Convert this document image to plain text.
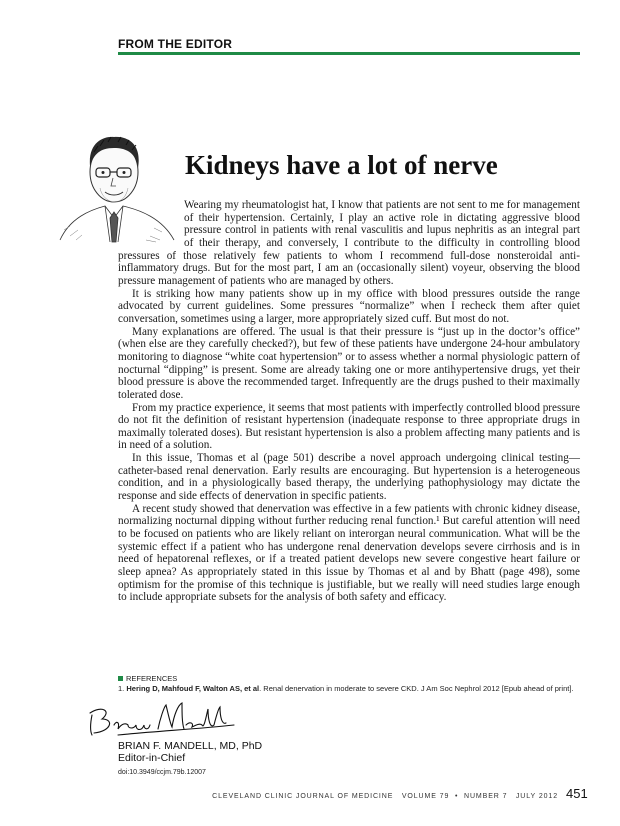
FROM THE EDITOR
Kidneys have a lot of nerve

Wearing my rheumatologist hat, I know that patients are not sent to me for management of their hypertension. Certainly, I play an active role in dictating aggressive blood pressure control in patients with renal vasculitis and lupus nephritis as an integral part of their therapy, and conversely, I contribute to the difficulty in controlling blood pressures of those relatively few patients to whom I recommend full-dose nonsteroidal anti-inflammatory drugs. But for the most part, I am an (occasionally silent) voyeur, observing the blood pressure management of patients who are managed by others.

It is striking how many patients show up in my office with blood pressures outside the range advocated by current guidelines. Some pressures “normalize” when I recheck them after quiet conversation, sometimes using a larger, more appropriately sized cuff. But most do not.

Many explanations are offered. The usual is that their pressure is “just up in the doctor’s office” (when else are they carefully checked?), but few of these patients have undergone 24-hour ambulatory monitoring to diagnose “white coat hypertension” or to assess whether a normal physiologic pattern of nocturnal “dipping” is present. Some are already taking one or more antihypertensive drugs, yet their blood pressure is above the recommended target. Infrequently are the drugs pushed to their maximally tolerated dose.

From my practice experience, it seems that most patients with imperfectly controlled blood pressure do not fit the definition of resistant hypertension (inadequate response to three appropriate drugs in maximally tolerated doses). But resistant hypertension is also a problem affecting many patients and is in need of a solution.

In this issue, Thomas et al (page 501) describe a novel approach undergoing clinical testing—catheter-based renal denervation. Early results are encouraging. But hypertension is a heterogeneous condition, and in a physiologically based therapy, the underlying pathophysiology may dictate the response and side effects of denervation in specific patients.

A recent study showed that denervation was effective in a few patients with chronic kidney disease, normalizing nocturnal dipping without further reducing renal function.¹ But careful attention will need to be focused on patients who are likely reliant on interorgan neural communication. What will be the systemic effect if a patient who has undergone renal denervation develops severe cirrhosis and is in need of hepatorenal reflexes, or if a treated patient develops new severe congestive heart failure or sleep apnea? As appropriately stated in this issue by Thomas et al and by Bhatt (page 498), some optimism for the promise of this technique is justifiable, but we really will need studies large enough to include appropriate subsets for the analysis of both safety and efficacy.

REFERENCES
1. Hering D, Mahfoud F, Walton AS, et al. Renal denervation in moderate to severe CKD. J Am Soc Nephrol 2012 [Epub ahead of print].
BRIAN F. MANDELL, MD, PhD
Editor-in-Chief
doi:10.3949/ccjm.79b.12007
CLEVELAND CLINIC JOURNAL OF MEDICINE VOLUME 79  •  NUMBER 7 JULY 2012 451
